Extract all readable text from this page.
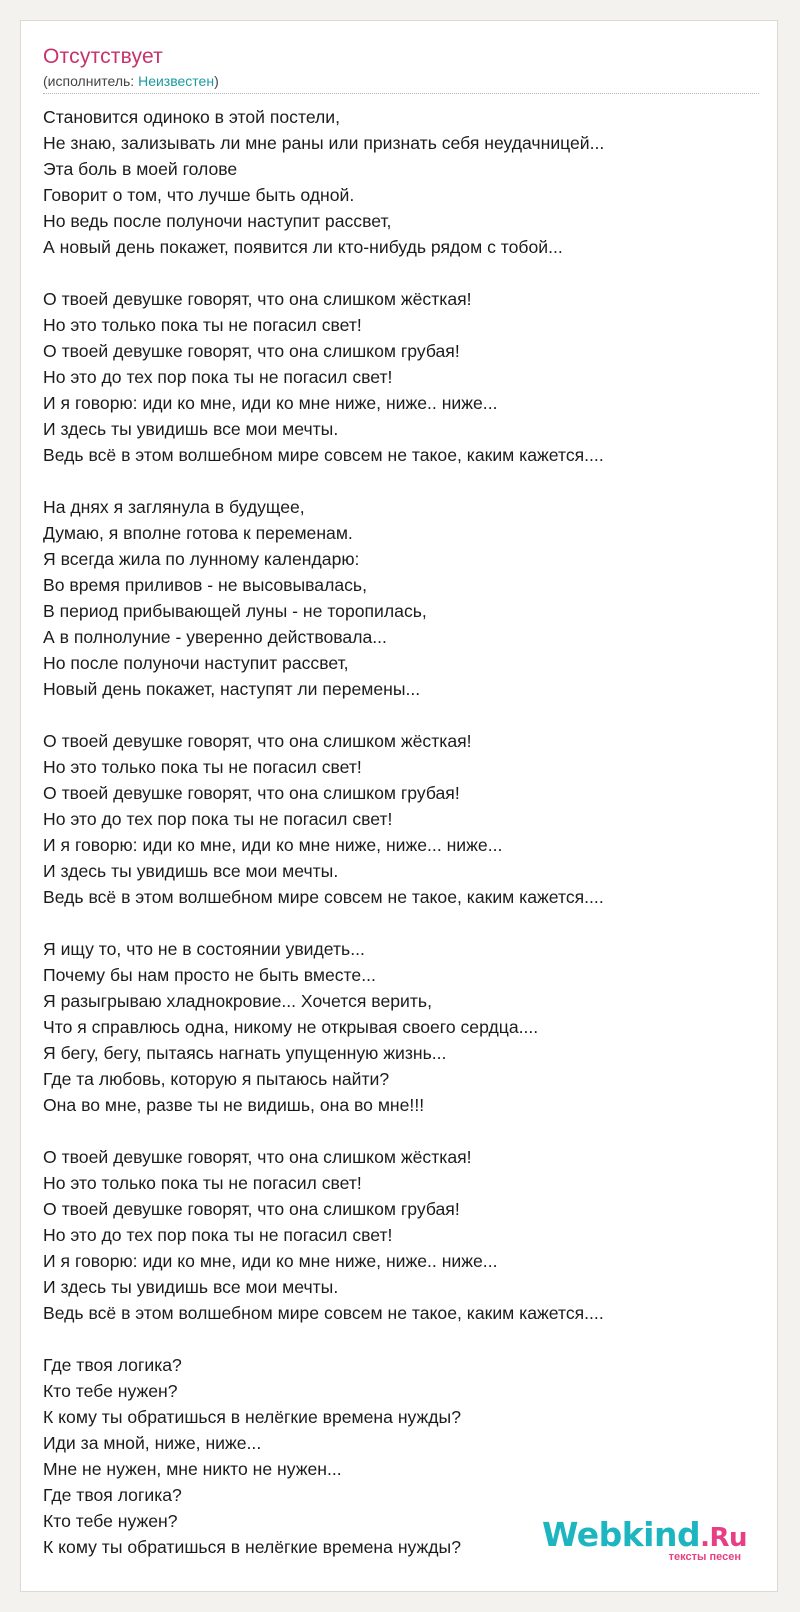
Отсутствует
(исполнитель: Неизвестен)
Становится одиноко в этой постели,
Не знаю, зализывать ли мне раны или признать себя неудачницей...
Эта боль в моей голове
Говорит о том, что лучше быть одной.
Но ведь после полуночи наступит рассвет,
А новый день покажет, появится ли кто-нибудь рядом с тобой...
О твоей девушке говорят, что она слишком жёсткая!
Но это только пока ты не погасил свет!
О твоей девушке говорят, что она слишком грубая!
Но это до тех пор пока ты не погасил свет!
И я говорю: иди ко мне, иди ко мне ниже, ниже.. ниже...
И здесь ты увидишь все мои мечты.
Ведь всё в этом волшебном мире совсем не такое, каким кажется....
На днях я заглянула в будущее,
Думаю, я вполне готова к переменам.
Я всегда жила по лунному календарю:
Во время приливов - не высовывалась,
В период прибывающей луны - не торопилась,
А в полнолуние - уверенно действовала...
Но после полуночи наступит рассвет,
Новый день покажет, наступят ли перемены...
О твоей девушке говорят, что она слишком жёсткая!
Но это только пока ты не погасил свет!
О твоей девушке говорят, что она слишком грубая!
Но это до тех пор пока ты не погасил свет!
И я говорю: иди ко мне, иди ко мне ниже, ниже... ниже...
И здесь ты увидишь все мои мечты.
Ведь всё в этом волшебном мире совсем не такое, каким кажется....
Я ищу то, что не в состоянии увидеть...
Почему бы нам просто не быть вместе...
Я разыгрываю хладнокровие... Хочется верить,
Что я справлюсь одна, никому не открывая своего сердца....
Я бегу, бегу, пытаясь нагнать упущенную жизнь...
Где та любовь, которую я пытаюсь найти?
Она во мне, разве ты не видишь, она во мне!!!
О твоей девушке говорят, что она слишком жёсткая!
Но это только пока ты не погасил свет!
О твоей девушке говорят, что она слишком грубая!
Но это до тех пор пока ты не погасил свет!
И я говорю: иди ко мне, иди ко мне ниже, ниже.. ниже...
И здесь ты увидишь все мои мечты.
Ведь всё в этом волшебном мире совсем не такое, каким кажется....
Где твоя логика?
Кто тебе нужен?
К кому ты обратишься в нелёгкие времена нужды?
Иди за мной, ниже, ниже...
Мне не нужен, мне никто не нужен...
Где твоя логика?
Кто тебе нужен?
К кому ты обратишься в нелёгкие времена нужды?	Webkind.Ru
тексты песен
